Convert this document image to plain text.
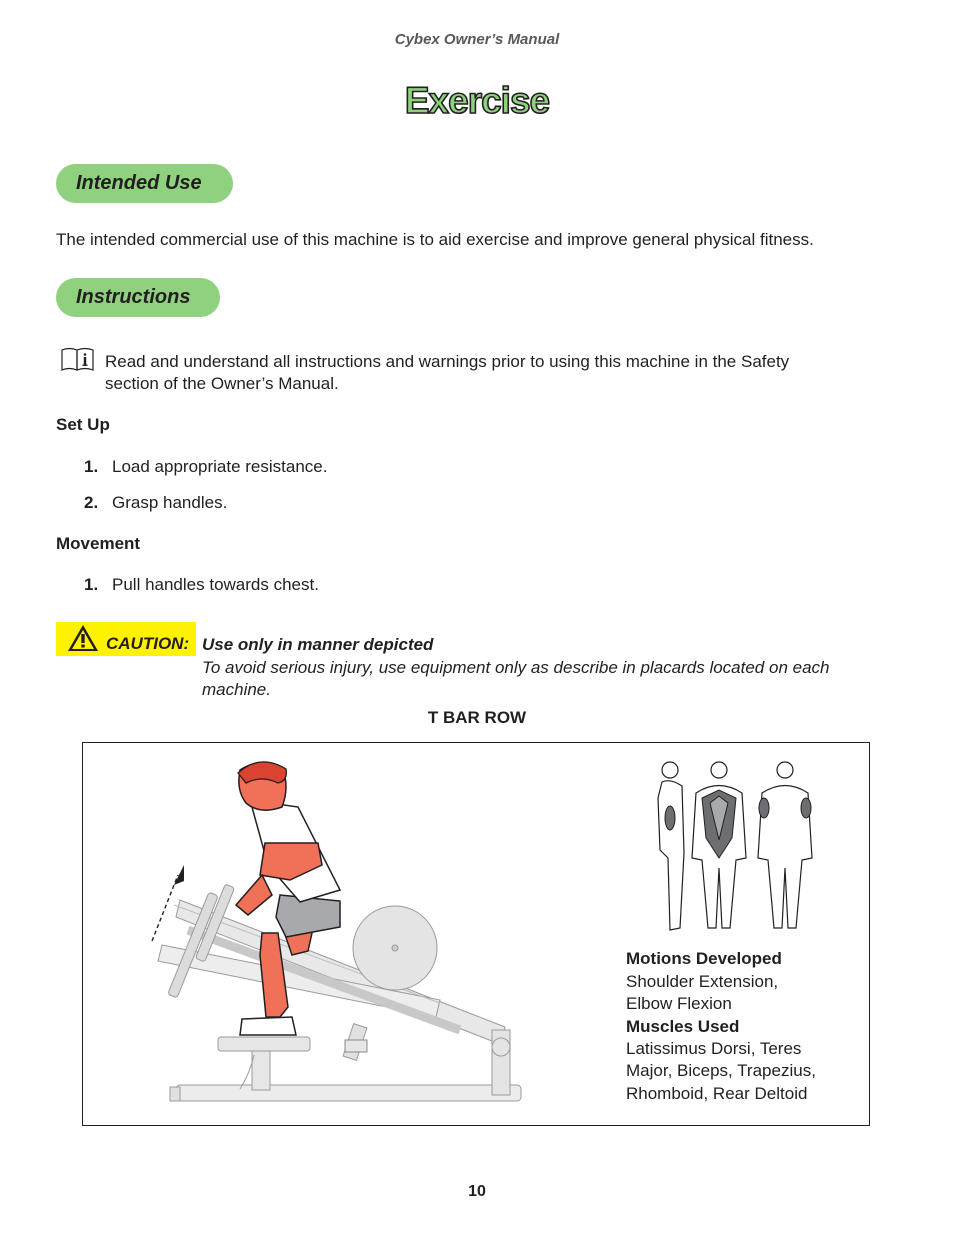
Cybex Owner’s Manual
Exercise
Intended Use
The intended commercial use of this machine is to aid exercise and improve general physical fitness.
Instructions
Read and understand all instructions and warnings prior to using this machine in the Safety
section of the Owner’s Manual.
Set Up
1. Load appropriate resistance.
2. Grasp handles.
Movement
1. Pull handles towards chest.
CAUTION: Use only in manner depicted
To avoid serious injury, use equipment only as describe in placards located on each
machine.
T BAR ROW
Motions Developed
Shoulder Extension,
Elbow Flexion
Muscles Used
Latissimus Dorsi, Teres
Major, Biceps, Trapezius,
Rhomboid, Rear Deltoid
10
